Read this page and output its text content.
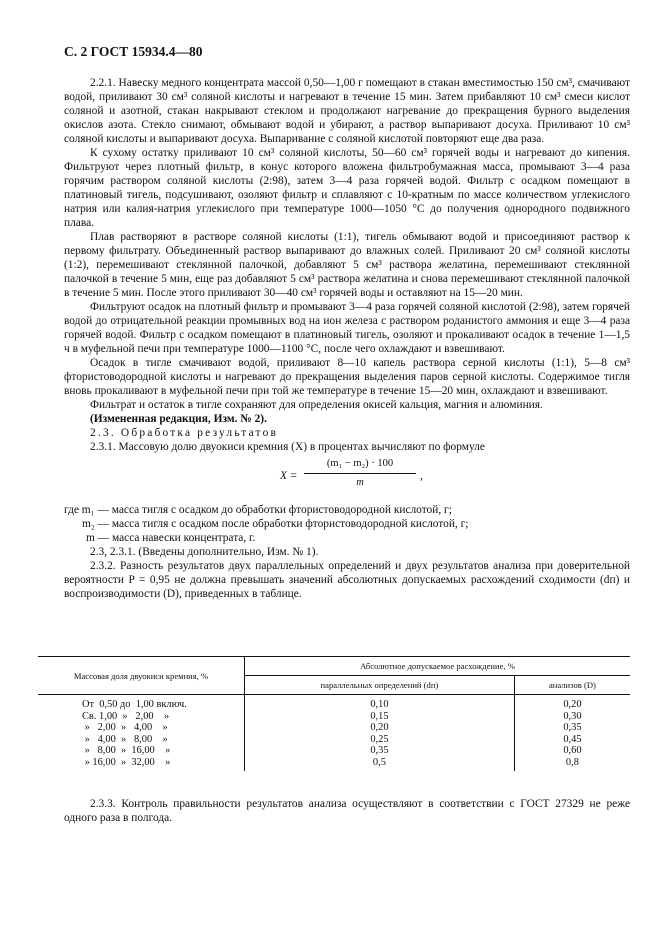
С. 2 ГОСТ 15934.4—80

2.2.1. Навеску медного концентрата массой 0,50—1,00 г помещают в стакан вместимостью 150 см³, смачивают водой, приливают 30 см³ соляной кислоты и нагревают в течение 15 мин. Затем прибавляют 10 см³ смеси кислот соляной и азотной, стакан накрывают стеклом и продолжают нагревание до прекращения бурного выделения окислов азота. Стекло снимают, обмывают водой и убирают, а раствор выпаривают досуха. Приливают 10 см³ соляной кислоты и выпаривают досуха. Выпаривание с соляной кислотой повторяют еще два раза.

К сухому остатку приливают 10 см³ соляной кислоты, 50—60 см³ горячей воды и нагревают до кипения. Фильтруют через плотный фильтр, в конус которого вложена фильтробумажная масса, промывают 3—4 раза горячим раствором соляной кислоты (2:98), затем 3—4 раза горячей водой. Фильтр с осадком помещают в платиновый тигель, подсушивают, озоляют фильтр и сплавляют с 10-кратным по массе количеством углекислого натрия или калия-натрия углекислого при температуре 1000—1050 °С до получения однородного подвижного плава.

Плав растворяют в растворе соляной кислоты (1:1), тигель обмывают водой и присоединяют раствор к первому фильтрату. Объединенный раствор выпаривают до влажных солей. Приливают 20 см³ соляной кислоты (1:2), перемешивают стеклянной палочкой, добавляют 5 см³ раствора желатина, перемешивают стеклянной палочкой в течение 5 мин, еще раз добавляют 5 см³ раствора желатина и снова перемешивают стеклянной палочкой в течение 5 мин. После этого приливают 30—40 см³ горячей воды и оставляют на 15—20 мин.

Фильтруют осадок на плотный фильтр и промывают 3—4 раза горячей соляной кислотой (2:98), затем горячей водой до отрицательной реакции промывных вод на ион железа с раствором роданистого аммония и еще 3—4 раза горячей водой. Фильтр с осадком помещают в платиновый тигель, озоляют и прокаливают осадок в течение 1—1,5 ч в муфельной печи при температуре 1000—1100 °С, после чего охлаждают и взвешивают.

Осадок в тигле смачивают водой, приливают 8—10 капель раствора серной кислоты (1:1), 5—8 см³ фтористоводородной кислоты и нагревают до прекращения выделения паров серной кислоты. Содержимое тигля вновь прокаливают в муфельной печи при той же температуре в течение 15—20 мин, охлаждают и взвешивают.

Фильтрат и остаток в тигле сохраняют для определения окисей кальция, магния и алюминия.

(Измененная редакция, Изм. № 2).

2.3. Обработка результатов

2.3.1. Массовую долю двуокиси кремния (X) в процентах вычисляют по формуле

$X = \frac{\text{(m₁ − m₂) · 100}}{m}$ ,

где m₁ — масса тигля с осадком до обработки фтористоводородной кислотой, г;

m₂ — масса тигля с осадком после обработки фтористоводородной кислотой, г;

m — масса навески концентрата, г.

2.3, 2.3.1. (Введены дополнительно, Изм. № 1).

2.3.2. Разность результатов двух параллельных определений и двух результатов анализа при доверительной вероятности P = 0,95 не должна превышать значений абсолютных допускаемых расхождений сходимости (dп) и воспроизводимости (D), приведенных в таблице.

Массовая доля двуокиси кремния, %	Абсолютное допускаемое расхождение, %	
	параллельных определений (dп)	анализов (D)
От  0,50 до  1,00 включ.	0,10	0,20
Св. 1,00  »   2,00    »	0,15	0,30
»   2,00  »   4,00    »	0,20	0,35
»   4,00  »   8,00    »	0,25	0,45
»   8,00  »  16,00    »	0,35	0,60
» 16,00  »  32,00    »	0,5	0,8

2.3.3. Контроль правильности результатов анализа осуществляют в соответствии с ГОСТ 27329 не реже одного раза в полгода.
